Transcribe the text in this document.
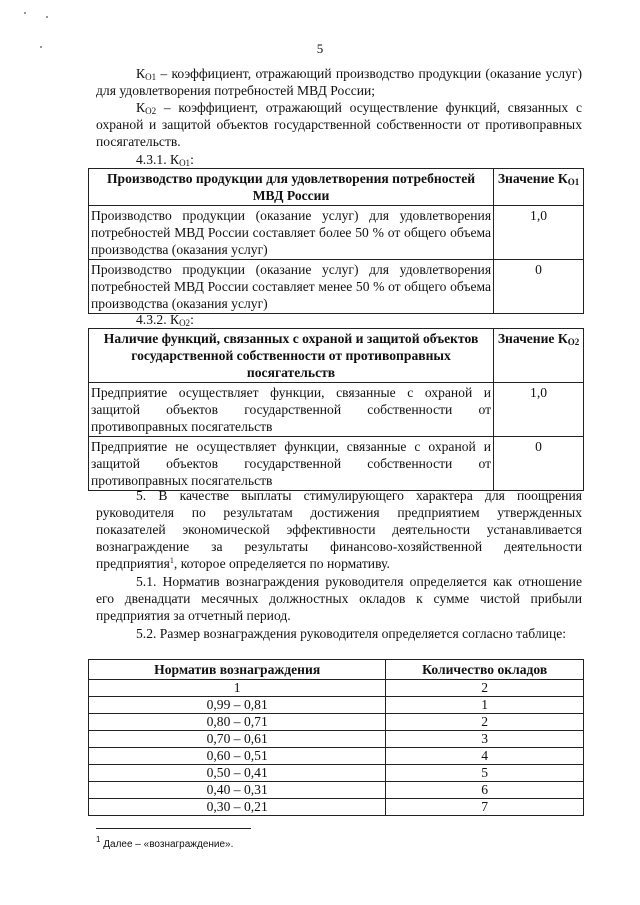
5
$К_{О1}$ – коэффициент, отражающий производство продукции (оказание услуг) для удовлетворения потребностей МВД России;
$К_{О2}$ – коэффициент, отражающий осуществление функций, связанных с охраной и защитой объектов государственной собственности от противоправных посягательств.
4.3.1. $К_{О1}$:
Производство продукции для удовлетворения потребностей МВД России	Значение $К_{О1}$
Производство продукции (оказание услуг) для удовлетворения потребностей МВД России составляет более 50 % от общего объема производства (оказания услуг)	1,0
Производство продукции (оказание услуг) для удовлетворения потребностей МВД России составляет менее 50 % от общего объема производства (оказания услуг)	0
4.3.2. $К_{О2}$:
Наличие функций, связанных с охраной и защитой объектов государственной собственности от противоправных посягательств	Значение $К_{О2}$
Предприятие осуществляет функции, связанные с охраной и защитой объектов государственной собственности от противоправных посягательств	1,0
Предприятие не осуществляет функции, связанные с охраной и защитой объектов государственной собственности от противоправных посягательств	0
5. В качестве выплаты стимулирующего характера для поощрения руководителя по результатам достижения предприятием утвержденных показателей экономической эффективности деятельности устанавливается вознаграждение за результаты финансово-хозяйственной деятельности предприятия$^1$, которое определяется по нормативу.
5.1. Норматив вознаграждения руководителя определяется как отношение его двенадцати месячных должностных окладов к сумме чистой прибыли предприятия за отчетный период.
5.2. Размер вознаграждения руководителя определяется согласно таблице:
Норматив вознаграждения	Количество окладов
1	2
0,99 – 0,81	1
0,80 – 0,71	2
0,70 – 0,61	3
0,60 – 0,51	4
0,50 – 0,41	5
0,40 – 0,31	6
0,30 – 0,21	7
$^1$ Далее – «вознаграждение».
